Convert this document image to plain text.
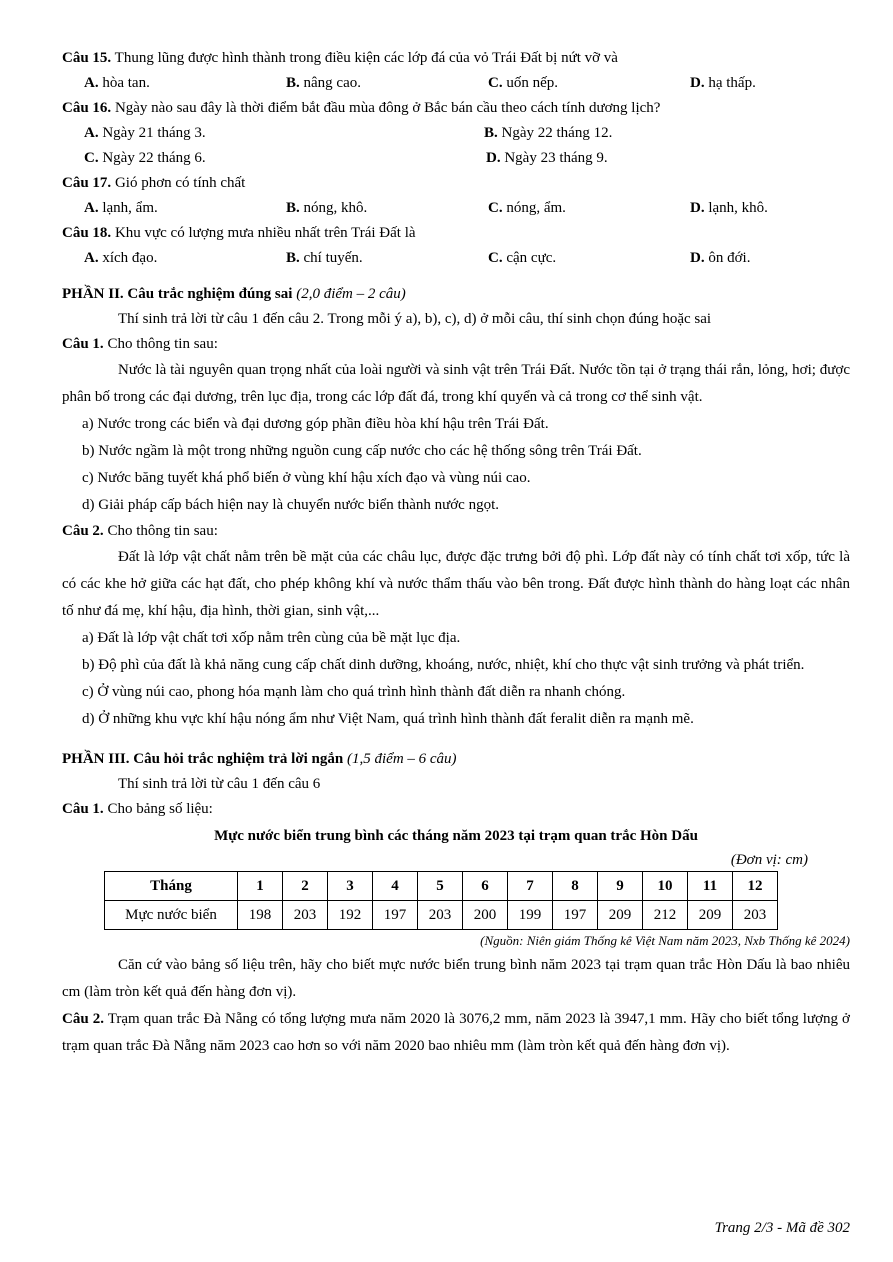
Câu 15. Thung lũng được hình thành trong điều kiện các lớp đá của vỏ Trái Đất bị nứt vỡ và
A. hòa tan.	B. nâng cao.	C. uốn nếp.	D. hạ thấp.
Câu 16. Ngày nào sau đây là thời điểm bắt đầu mùa đông ở Bắc bán cầu theo cách tính dương lịch?
A. Ngày 21 tháng 3.	B. Ngày 22 tháng 12.
C. Ngày 22 tháng 6.	D. Ngày 23 tháng 9.
Câu 17. Gió phơn có tính chất
A. lạnh, ẩm.	B. nóng, khô.	C. nóng, ẩm.	D. lạnh, khô.
Câu 18. Khu vực có lượng mưa nhiều nhất trên Trái Đất là
A. xích đạo.	B. chí tuyến.	C. cận cực.	D. ôn đới.
PHẦN II. Câu trắc nghiệm đúng sai (2,0 điểm – 2 câu)
Thí sinh trả lời từ câu 1 đến câu 2. Trong mỗi ý a), b), c), d) ở mỗi câu, thí sinh chọn đúng hoặc sai
Câu 1. Cho thông tin sau:
Nước là tài nguyên quan trọng nhất của loài người và sinh vật trên Trái Đất. Nước tồn tại ở trạng thái rắn, lỏng, hơi; được phân bố trong các đại dương, trên lục địa, trong các lớp đất đá, trong khí quyển và cả trong cơ thể sinh vật.
a) Nước trong các biển và đại dương góp phần điều hòa khí hậu trên Trái Đất.
b) Nước ngầm là một trong những nguồn cung cấp nước cho các hệ thống sông trên Trái Đất.
c) Nước băng tuyết khá phổ biến ở vùng khí hậu xích đạo và vùng núi cao.
d) Giải pháp cấp bách hiện nay là chuyển nước biển thành nước ngọt.
Câu 2. Cho thông tin sau:
Đất là lớp vật chất nằm trên bề mặt của các châu lục, được đặc trưng bởi độ phì. Lớp đất này có tính chất tơi xốp, tức là có các khe hở giữa các hạt đất, cho phép không khí và nước thẩm thấu vào bên trong. Đất được hình thành do hàng loạt các nhân tố như đá mẹ, khí hậu, địa hình, thời gian, sinh vật,...
a) Đất là lớp vật chất tơi xốp nằm trên cùng của bề mặt lục địa.
b) Độ phì của đất là khả năng cung cấp chất dinh dưỡng, khoáng, nước, nhiệt, khí cho thực vật sinh trưởng và phát triển.
c) Ở vùng núi cao, phong hóa mạnh làm cho quá trình hình thành đất diễn ra nhanh chóng.
d) Ở những khu vực khí hậu nóng ẩm như Việt Nam, quá trình hình thành đất feralit diễn ra mạnh mẽ.
PHẦN III. Câu hỏi trắc nghiệm trả lời ngắn (1,5 điểm – 6 câu)
Thí sinh trả lời từ câu 1 đến câu 6
Câu 1. Cho bảng số liệu:
Mực nước biển trung bình các tháng năm 2023 tại trạm quan trắc Hòn Dấu
(Đơn vị: cm)
Tháng	1	2	3	4	5	6	7	8	9	10	11	12
Mực nước biển	198	203	192	197	203	200	199	197	209	212	209	203
(Nguồn: Niên giám Thống kê Việt Nam năm 2023, Nxb Thống kê 2024)
Căn cứ vào bảng số liệu trên, hãy cho biết mực nước biển trung bình năm 2023 tại trạm quan trắc Hòn Dấu là bao nhiêu cm (làm tròn kết quả đến hàng đơn vị).
Câu 2. Trạm quan trắc Đà Nẵng có tổng lượng mưa năm 2020 là 3076,2 mm, năm 2023 là 3947,1 mm. Hãy cho biết tổng lượng ở trạm quan trắc Đà Nẵng năm 2023 cao hơn so với năm 2020 bao nhiêu mm (làm tròn kết quả đến hàng đơn vị).
Trang 2/3 - Mã đề 302
